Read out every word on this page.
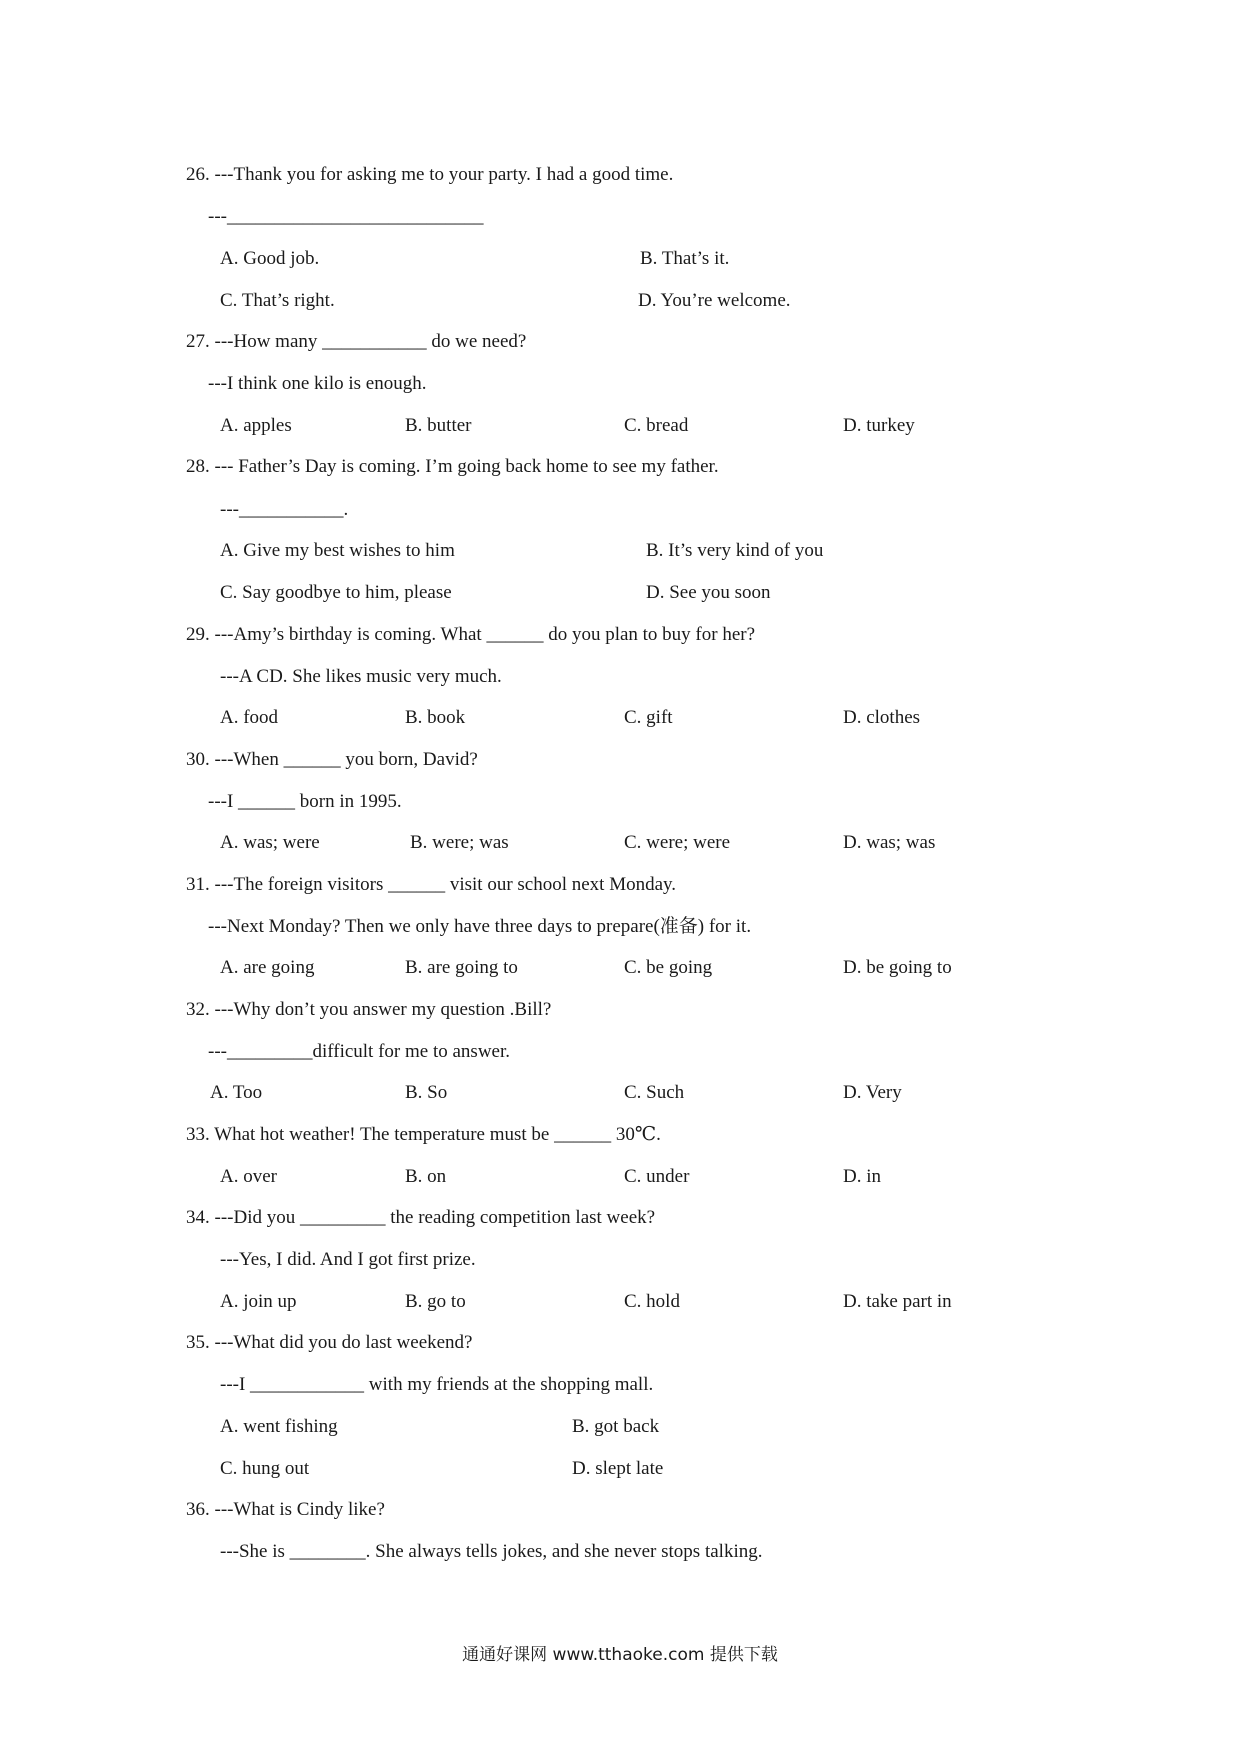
26. ---Thank you for asking me to your party. I had a good time.
---___________________________
A. Good job.	B. That’s it.
C. That’s right.	D. You’re welcome.
27. ---How many ___________ do we need?
---I think one kilo is enough.
A. apples	B. butter	C. bread	D. turkey
28. --- Father’s Day is coming. I’m going back home to see my father.
---___________.
A. Give my best wishes to him	B. It’s very kind of you
C. Say goodbye to him, please	D. See you soon
29. ---Amy’s birthday is coming. What ______ do you plan to buy for her?
---A CD. She likes music very much.
A. food	B. book	C. gift	D. clothes
30. ---When ______ you born, David?
---I ______ born in 1995.
A. was; were	B. were; was	C. were; were	D. was; was
31. ---The foreign visitors ______ visit our school next Monday.
---Next Monday? Then we only have three days to prepare(准备) for it.
A. are going	B. are going to	C. be going	D. be going to
32. ---Why don’t you answer my question .Bill?
---_________difficult for me to answer.
A. Too	B. So	C. Such	D. Very
33. What hot weather! The temperature must be ______ 30℃.
A. over	B. on	C. under	D. in
34. ---Did you _________ the reading competition last week?
---Yes, I did. And I got first prize.
A. join up	B. go to	C. hold	D. take part in
35. ---What did you do last weekend?
---I ____________ with my friends at the shopping mall.
A. went fishing	B. got back
C. hung out	D. slept late
36. ---What is Cindy like?
---She is ________. She always tells jokes, and she never stops talking.
通通好课网 www.tthaoke.com 提供下载
